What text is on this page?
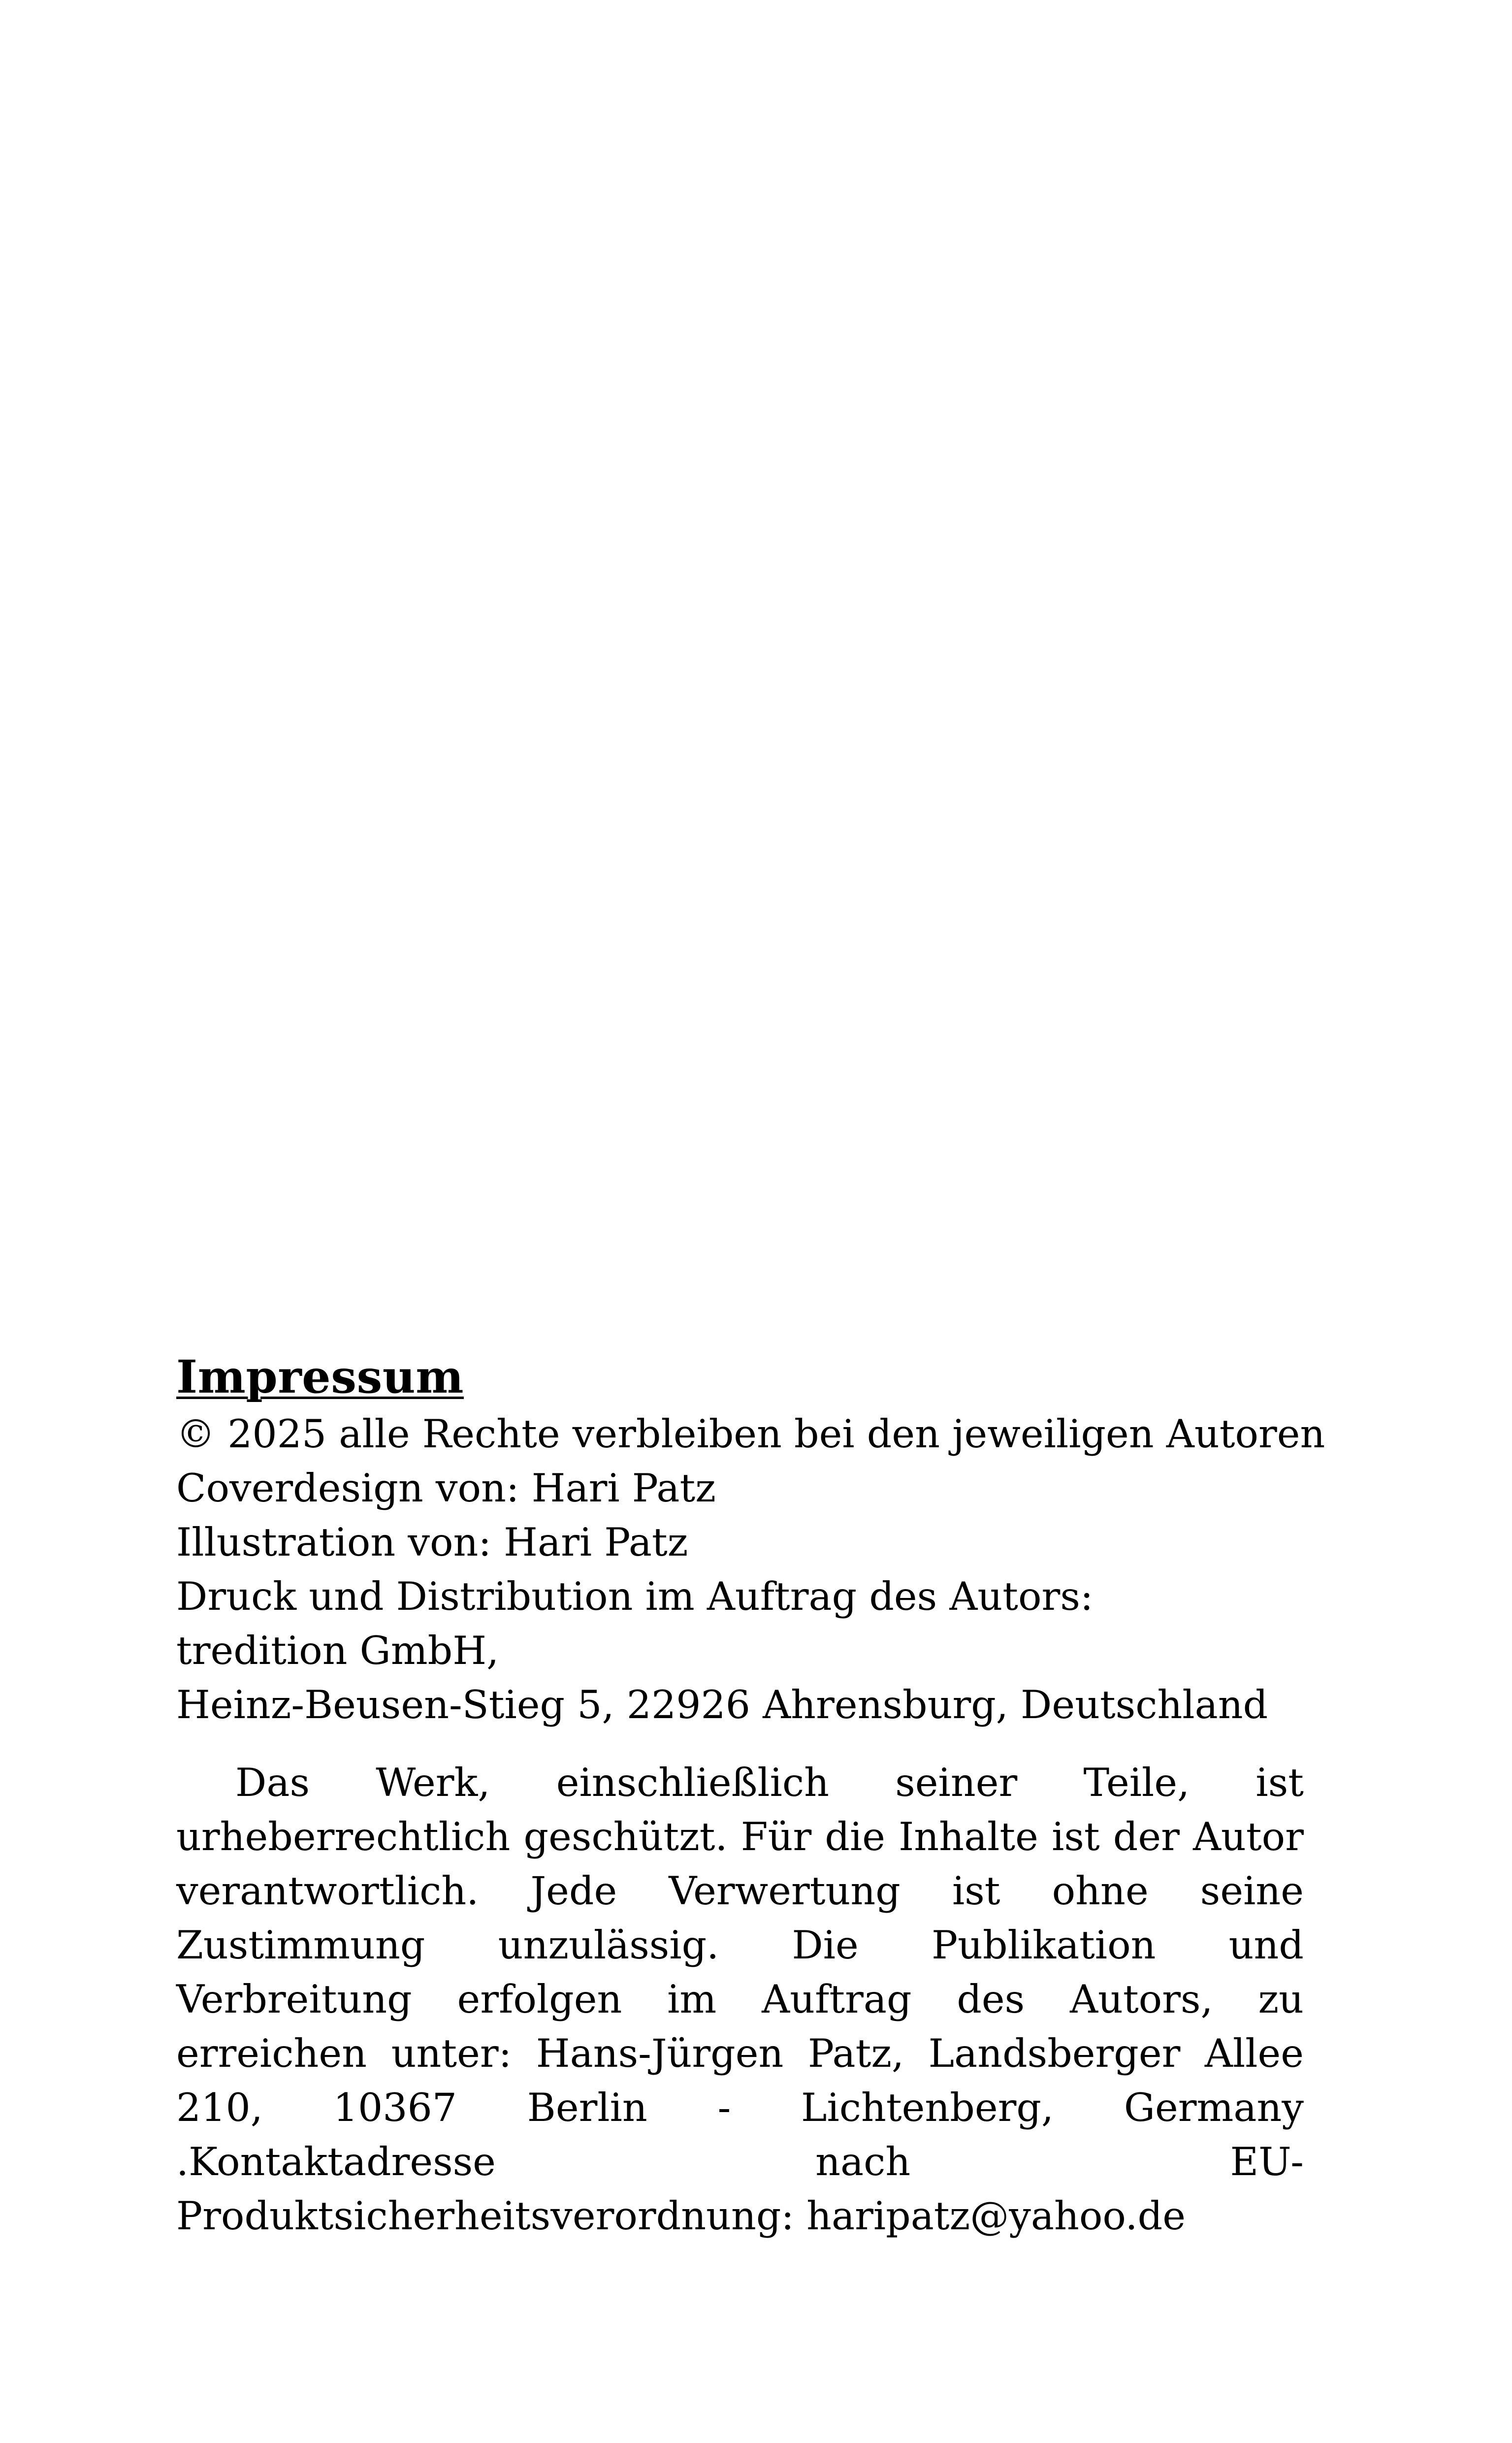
Impressum
© 2025 alle Rechte verbleiben bei den jeweiligen Autoren
Coverdesign von: Hari Patz
Illustration von: Hari Patz
Druck und Distribution im Auftrag des Autors:
tredition GmbH,
Heinz-Beusen-Stieg 5, 22926 Ahrensburg, Deutschland
Das Werk, einschließlich seiner Teile, ist urheberrechtlich geschützt. Für die Inhalte ist der Autor verantwortlich. Jede Verwertung ist ohne seine Zustimmung unzulässig. Die Publikation und Verbreitung erfolgen im Auftrag des Autors, zu erreichen unter: Hans-Jürgen Patz, Landsberger Allee 210, 10367 Berlin - Lichtenberg, Germany .Kontaktadresse nach EU-Produktsicherheitsverordnung: haripatz@yahoo.de
